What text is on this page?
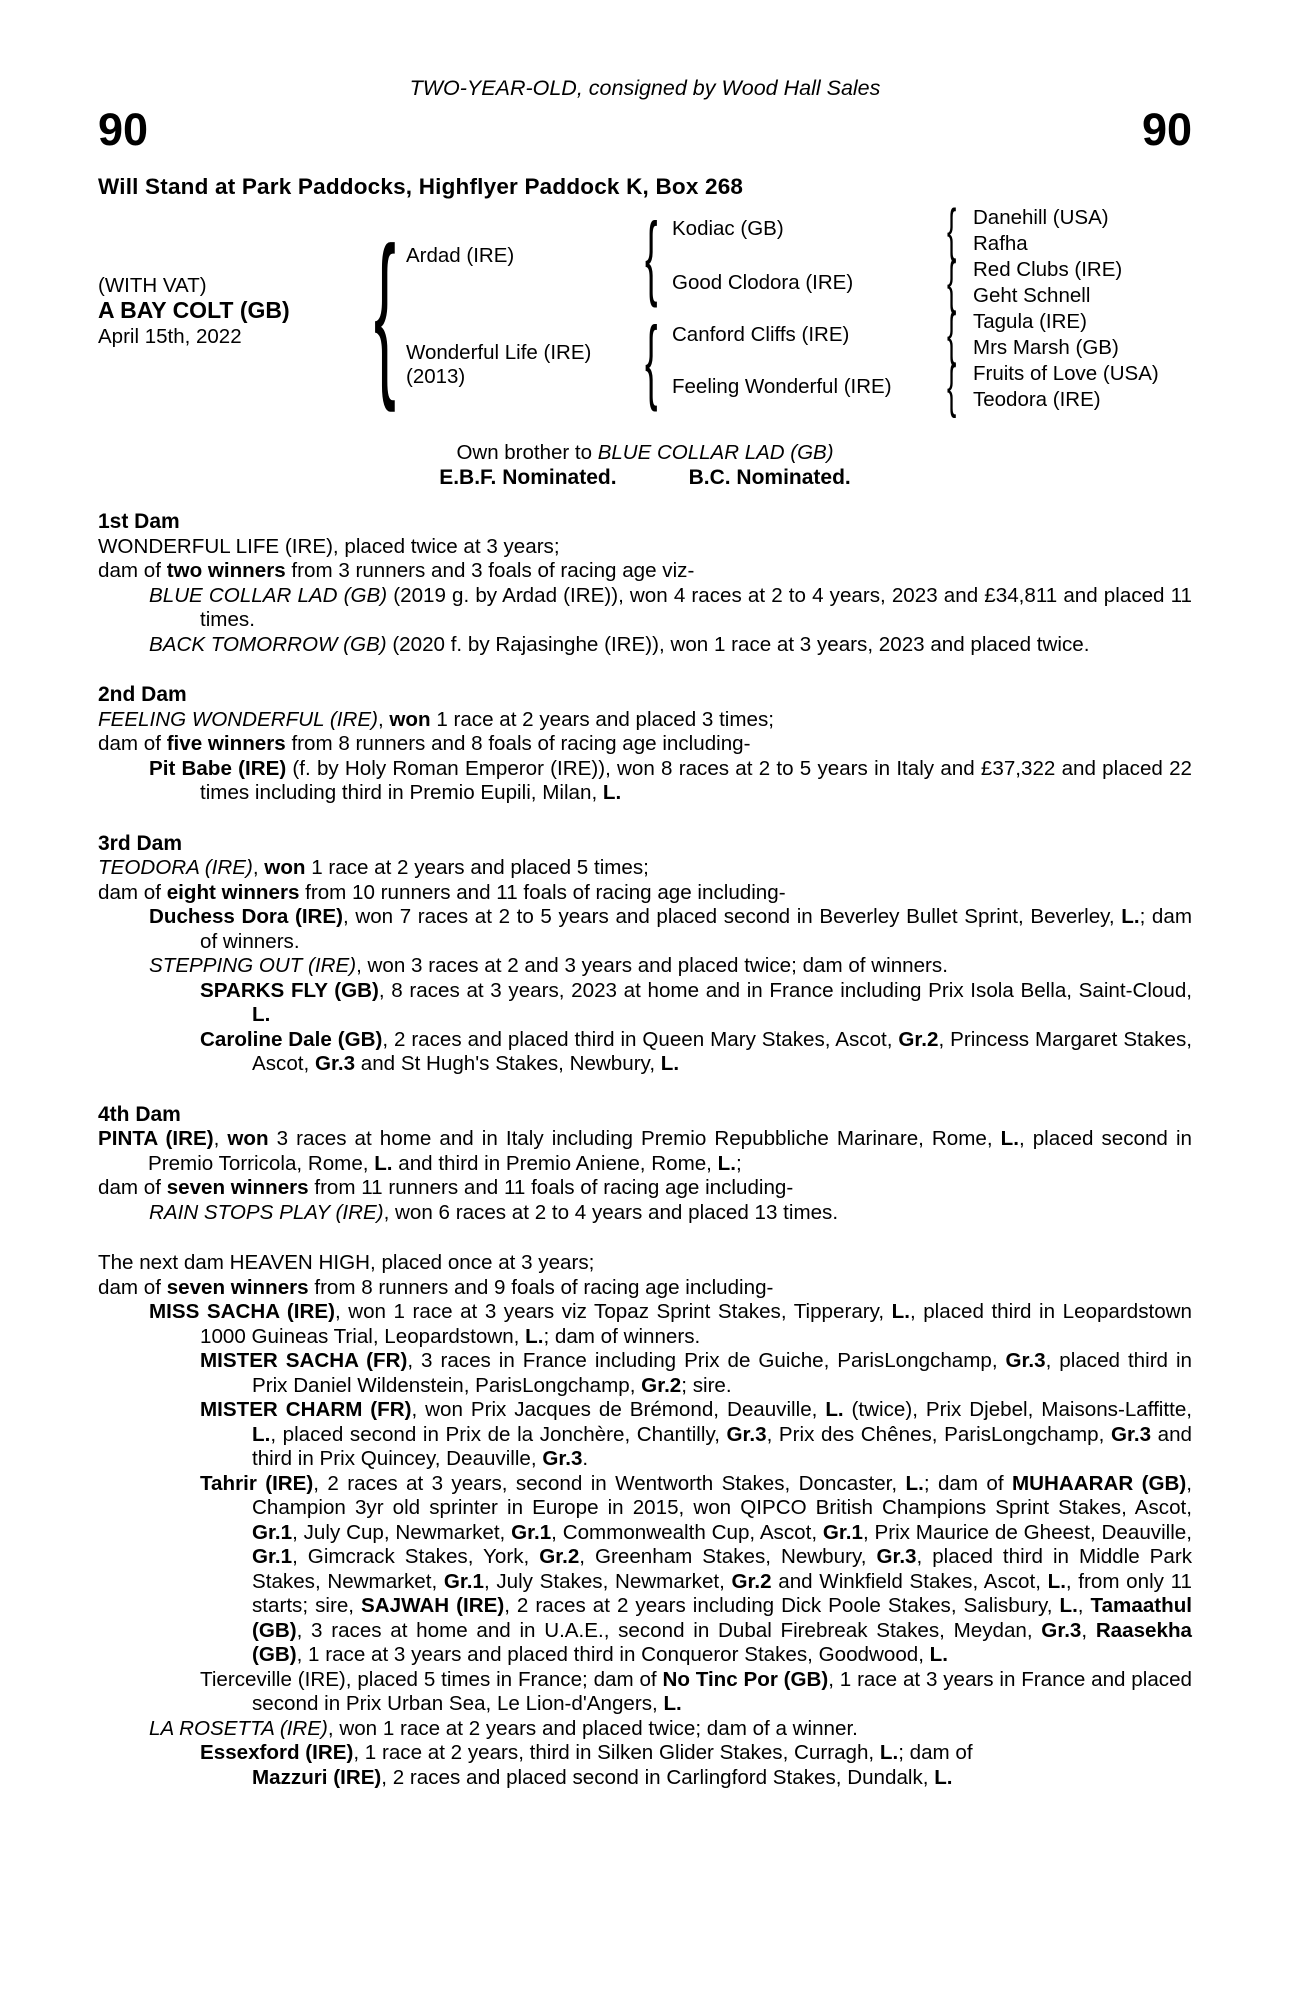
TWO-YEAR-OLD, consigned by Wood Hall Sales
90	90
Will Stand at Park Paddocks, Highflyer Paddock K, Box 268
(WITH VAT)
A BAY COLT (GB)
April 15th, 2022 { Ardad (IRE)
Wonderful Life (IRE)
(2013)
{
{
Kodiac (GB)
Good Clodora (IRE)
Canford Cliffs (IRE)
Feeling Wonderful (IRE)
{
{
{
{
Danehill (USA)
Rafha
Red Clubs (IRE)
Geht Schnell
Tagula (IRE)
Mrs Marsh (GB)
Fruits of Love (USA)
Teodora (IRE)
Own brother to BLUE COLLAR LAD (GB)
E.B.F. Nominated.	B.C. Nominated.
1st Dam
WONDERFUL LIFE (IRE), placed twice at 3 years;
dam of two winners from 3 runners and 3 foals of racing age viz-
BLUE COLLAR LAD (GB) (2019 g. by Ardad (IRE)), won 4 races at 2 to 4 years, 2023 and £34,811 and placed 11 times.
BACK TOMORROW (GB) (2020 f. by Rajasinghe (IRE)), won 1 race at 3 years, 2023 and placed twice.
2nd Dam
FEELING WONDERFUL (IRE), won 1 race at 2 years and placed 3 times;
dam of five winners from 8 runners and 8 foals of racing age including-
Pit Babe (IRE) (f. by Holy Roman Emperor (IRE)), won 8 races at 2 to 5 years in Italy and £37,322 and placed 22 times including third in Premio Eupili, Milan, L.
3rd Dam
TEODORA (IRE), won 1 race at 2 years and placed 5 times;
dam of eight winners from 10 runners and 11 foals of racing age including-
Duchess Dora (IRE), won 7 races at 2 to 5 years and placed second in Beverley Bullet Sprint, Beverley, L.; dam of winners.
STEPPING OUT (IRE), won 3 races at 2 and 3 years and placed twice; dam of winners.
SPARKS FLY (GB), 8 races at 3 years, 2023 at home and in France including Prix Isola Bella, Saint-Cloud, L.
Caroline Dale (GB), 2 races and placed third in Queen Mary Stakes, Ascot, Gr.2, Princess Margaret Stakes, Ascot, Gr.3 and St Hugh's Stakes, Newbury, L.
4th Dam
PINTA (IRE), won 3 races at home and in Italy including Premio Repubbliche Marinare, Rome, L., placed second in Premio Torricola, Rome, L. and third in Premio Aniene, Rome, L.;
dam of seven winners from 11 runners and 11 foals of racing age including-
RAIN STOPS PLAY (IRE), won 6 races at 2 to 4 years and placed 13 times.
The next dam HEAVEN HIGH, placed once at 3 years;
dam of seven winners from 8 runners and 9 foals of racing age including-
MISS SACHA (IRE), won 1 race at 3 years viz Topaz Sprint Stakes, Tipperary, L., placed third in Leopardstown 1000 Guineas Trial, Leopardstown, L.; dam of winners.
MISTER SACHA (FR), 3 races in France including Prix de Guiche, ParisLongchamp, Gr.3, placed third in Prix Daniel Wildenstein, ParisLongchamp, Gr.2; sire.
MISTER CHARM (FR), won Prix Jacques de Brémond, Deauville, L. (twice), Prix Djebel, Maisons-Laffitte, L., placed second in Prix de la Jonchère, Chantilly, Gr.3, Prix des Chênes, ParisLongchamp, Gr.3 and third in Prix Quincey, Deauville, Gr.3.
Tahrir (IRE), 2 races at 3 years, second in Wentworth Stakes, Doncaster, L.; dam of MUHAARAR (GB), Champion 3yr old sprinter in Europe in 2015, won QIPCO British Champions Sprint Stakes, Ascot, Gr.1, July Cup, Newmarket, Gr.1, Commonwealth Cup, Ascot, Gr.1, Prix Maurice de Gheest, Deauville, Gr.1, Gimcrack Stakes, York, Gr.2, Greenham Stakes, Newbury, Gr.3, placed third in Middle Park Stakes, Newmarket, Gr.1, July Stakes, Newmarket, Gr.2 and Winkfield Stakes, Ascot, L., from only 11 starts; sire, SAJWAH (IRE), 2 races at 2 years including Dick Poole Stakes, Salisbury, L., Tamaathul (GB), 3 races at home and in U.A.E., second in Dubal Firebreak Stakes, Meydan, Gr.3, Raasekha (GB), 1 race at 3 years and placed third in Conqueror Stakes, Goodwood, L.
Tierceville (IRE), placed 5 times in France; dam of No Tinc Por (GB), 1 race at 3 years in France and placed second in Prix Urban Sea, Le Lion-d'Angers, L.
LA ROSETTA (IRE), won 1 race at 2 years and placed twice; dam of a winner.
Essexford (IRE), 1 race at 2 years, third in Silken Glider Stakes, Curragh, L.; dam of
Mazzuri (IRE), 2 races and placed second in Carlingford Stakes, Dundalk, L.
